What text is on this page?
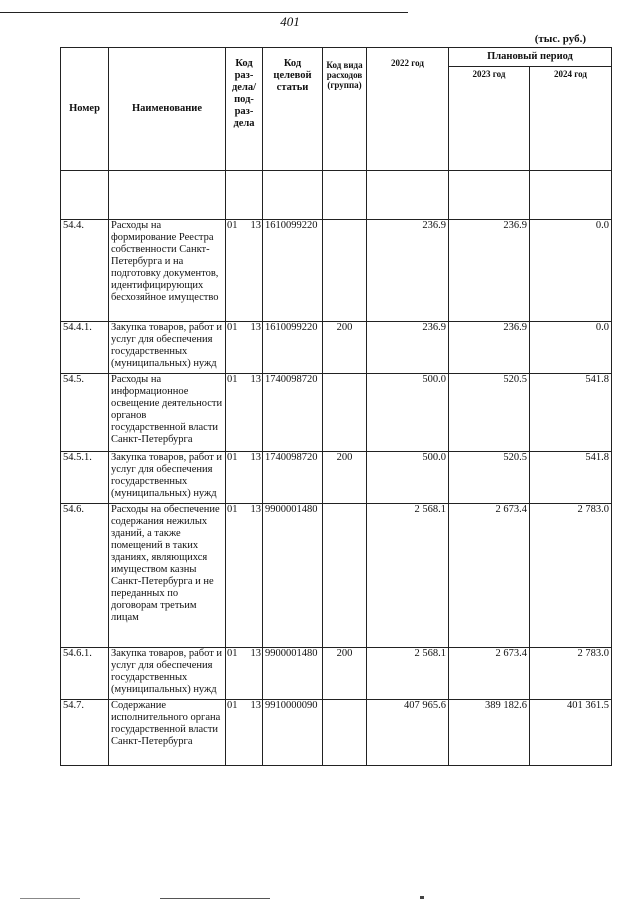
401
(тыс. руб.)
Номер	Наименование	Код раз-дела/ под-раз-дела	Код целевой статьи	Код вида расходов (группа)	2022 год	Плановый период	
						2023 год	2024 год

54.4.	Расходы на формирование Реестра собственности Санкт-Петербурга и на подготовку документов, идентифицирующих бесхозяйное имущество	01 13	1610099220		236.9	236.9	0.0
54.4.1.	Закупка товаров, работ и услуг для обеспечения государственных (муниципальных) нужд	01 13	1610099220	200	236.9	236.9	0.0
54.5.	Расходы на информационное освещение деятельности органов государственной власти Санкт-Петербурга	01 13	1740098720		500.0	520.5	541.8
54.5.1.	Закупка товаров, работ и услуг для обеспечения государственных (муниципальных) нужд	01 13	1740098720	200	500.0	520.5	541.8
54.6.	Расходы на обеспечение содержания нежилых зданий, а также помещений в таких зданиях, являющихся имуществом казны Санкт-Петербурга и не переданных по договорам третьим лицам	01 13	9900001480		2 568.1	2 673.4	2 783.0
54.6.1.	Закупка товаров, работ и услуг для обеспечения государственных (муниципальных) нужд	01 13	9900001480	200	2 568.1	2 673.4	2 783.0
54.7.	Содержание исполнительного органа государственной власти Санкт-Петербурга	01 13	9910000090		407 965.6	389 182.6	401 361.5
